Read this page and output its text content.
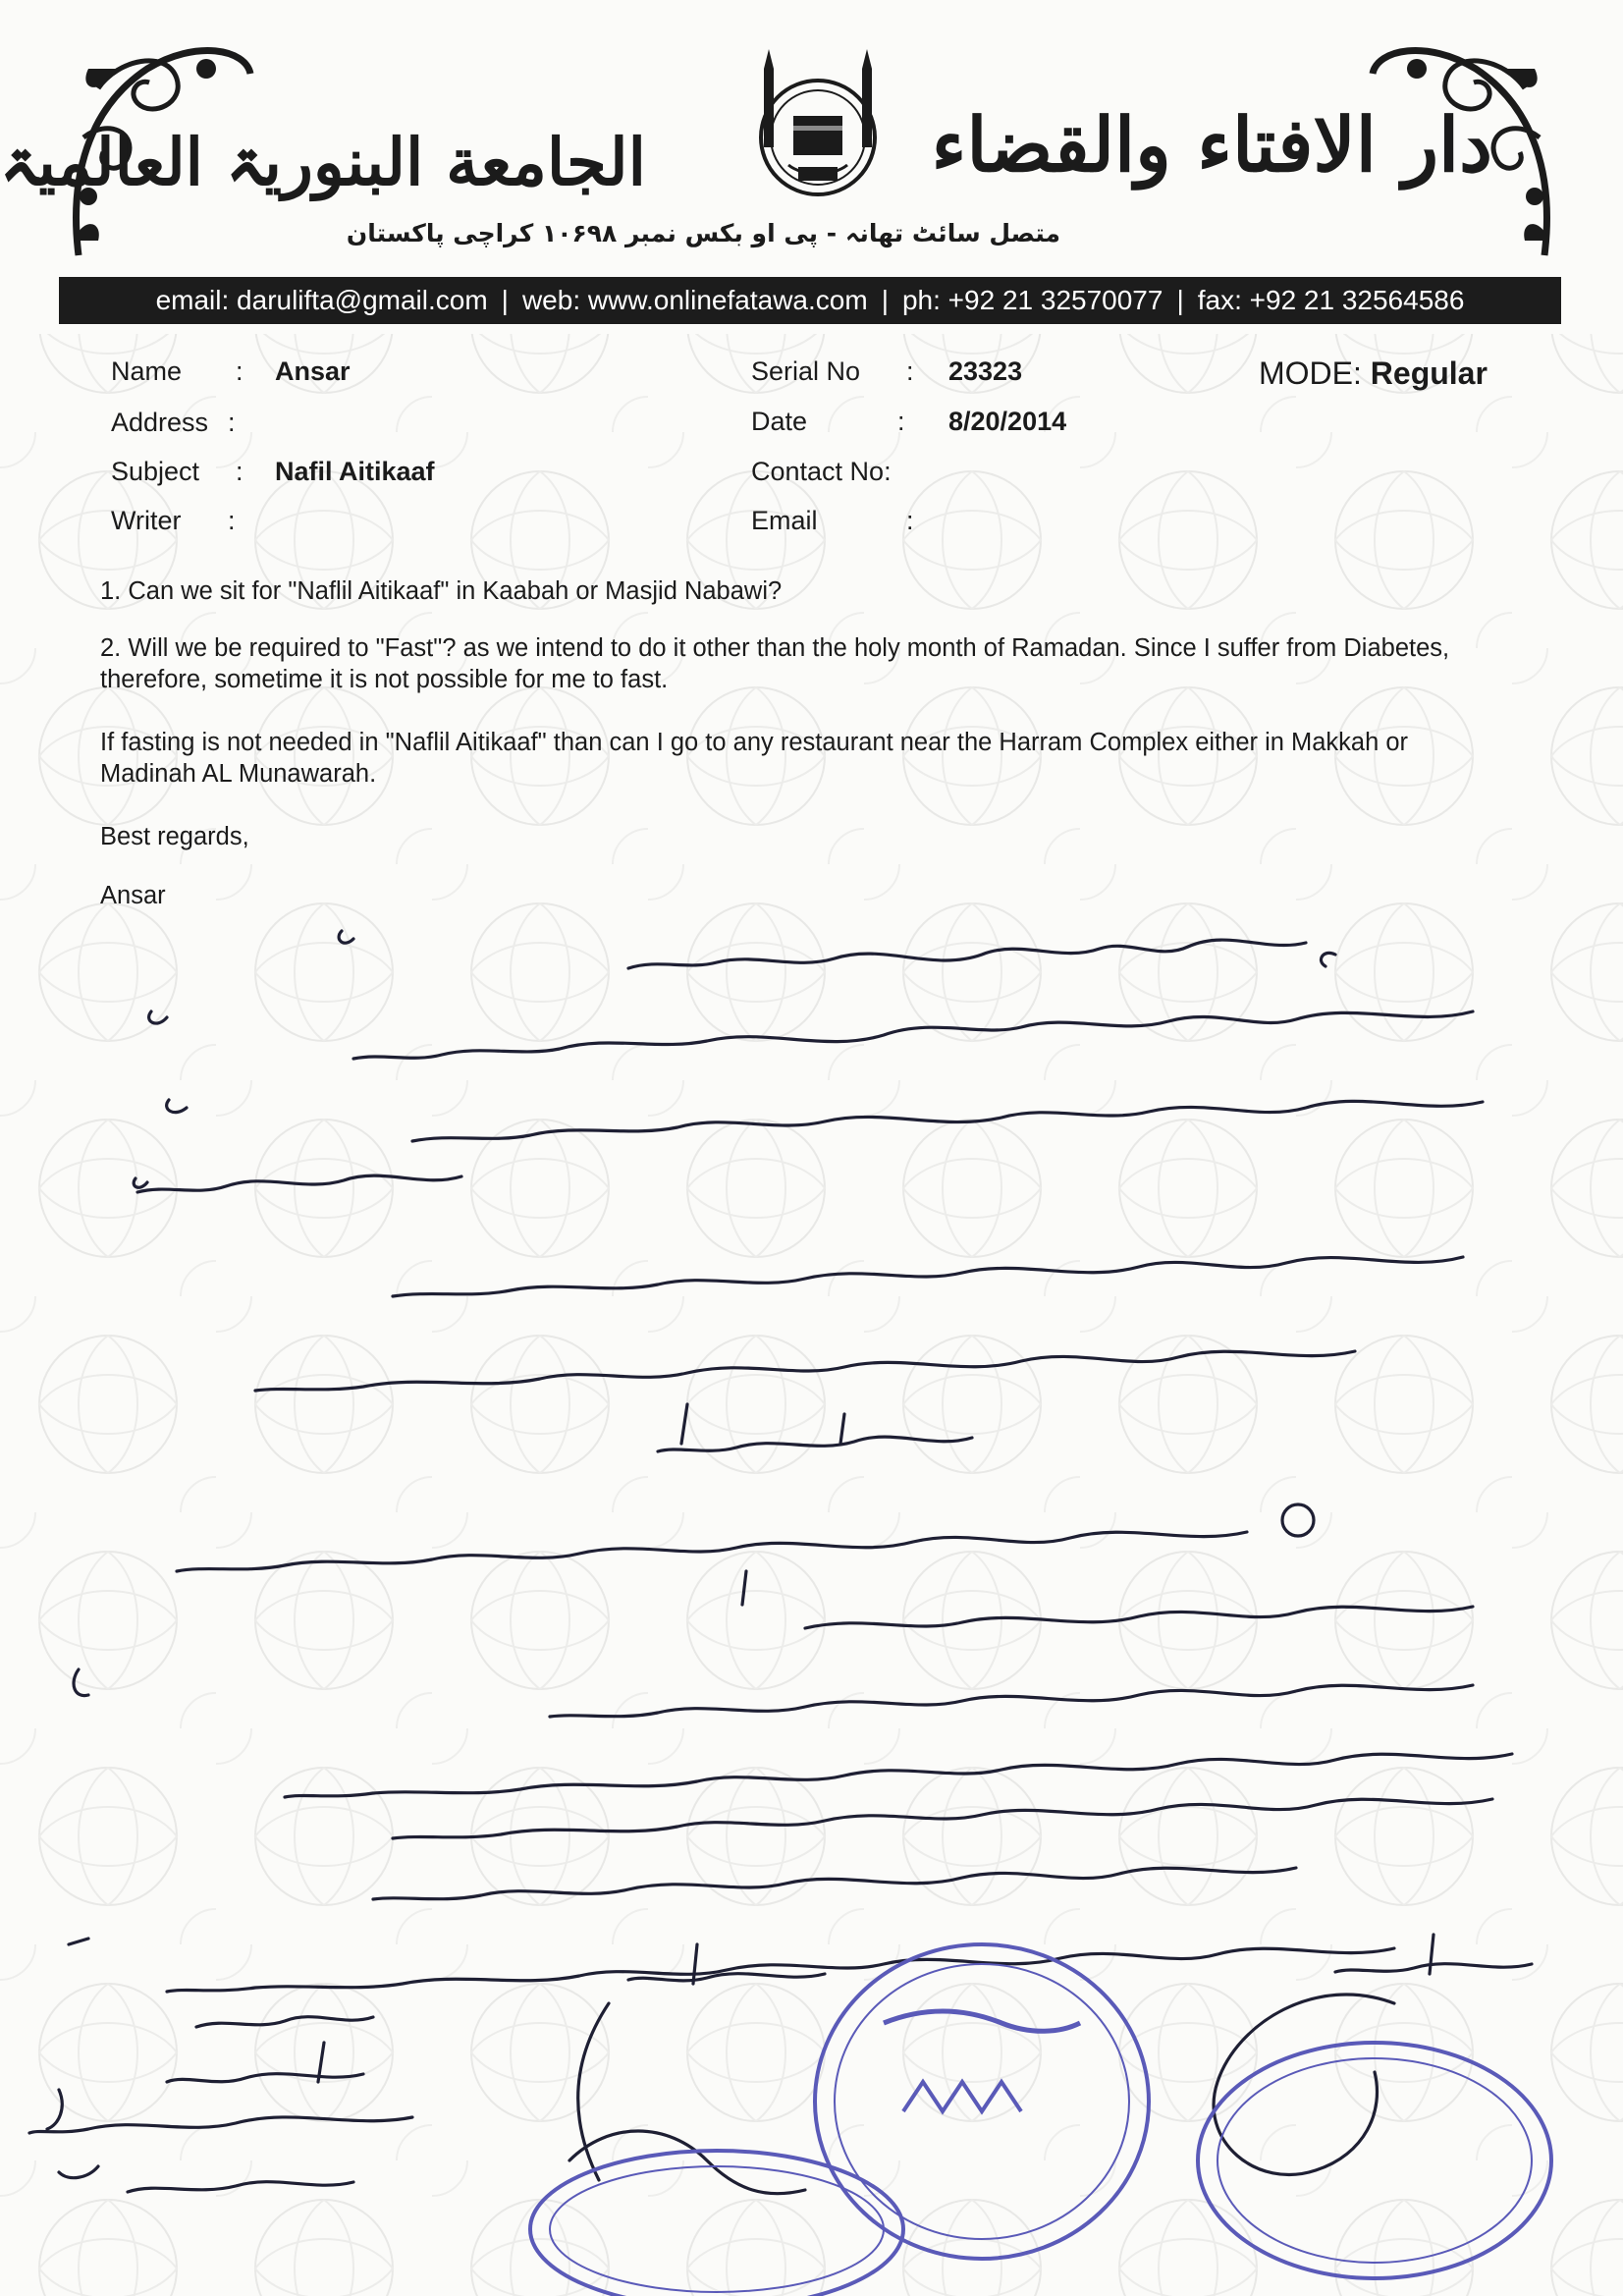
دار الافتاء والقضاء
الجامعة البنوریۃ العالمیۃ
متصل سائٹ تھانہ - پی او بکس نمبر ۱۰۶۹۸ کراچی پاکستان
email: darulifta@gmail.com | web: www.onlinefatawa.com | ph: +92 21 32570077 | fax: +92 21 32564586
Name : Ansar
Address :
Subject : Nafil Aitikaaf
Writer :
Serial No : 23323
Date	: 8/20/2014
Contact No:
Email	:
MODE: Regular

1. Can we sit for "Naflil Aitikaaf" in Kaabah or Masjid Nabawi?

2. Will we be required to "Fast"? as we intend to do it other than the holy month of Ramadan. Since I suffer from Diabetes, therefore, sometime it is not possible for me to fast.

If fasting is not needed in "Naflil Aitikaaf" than can I go to any restaurant near the Harram Complex either in Makkah or Madinah AL Munawarah.

Best regards,

Ansar
